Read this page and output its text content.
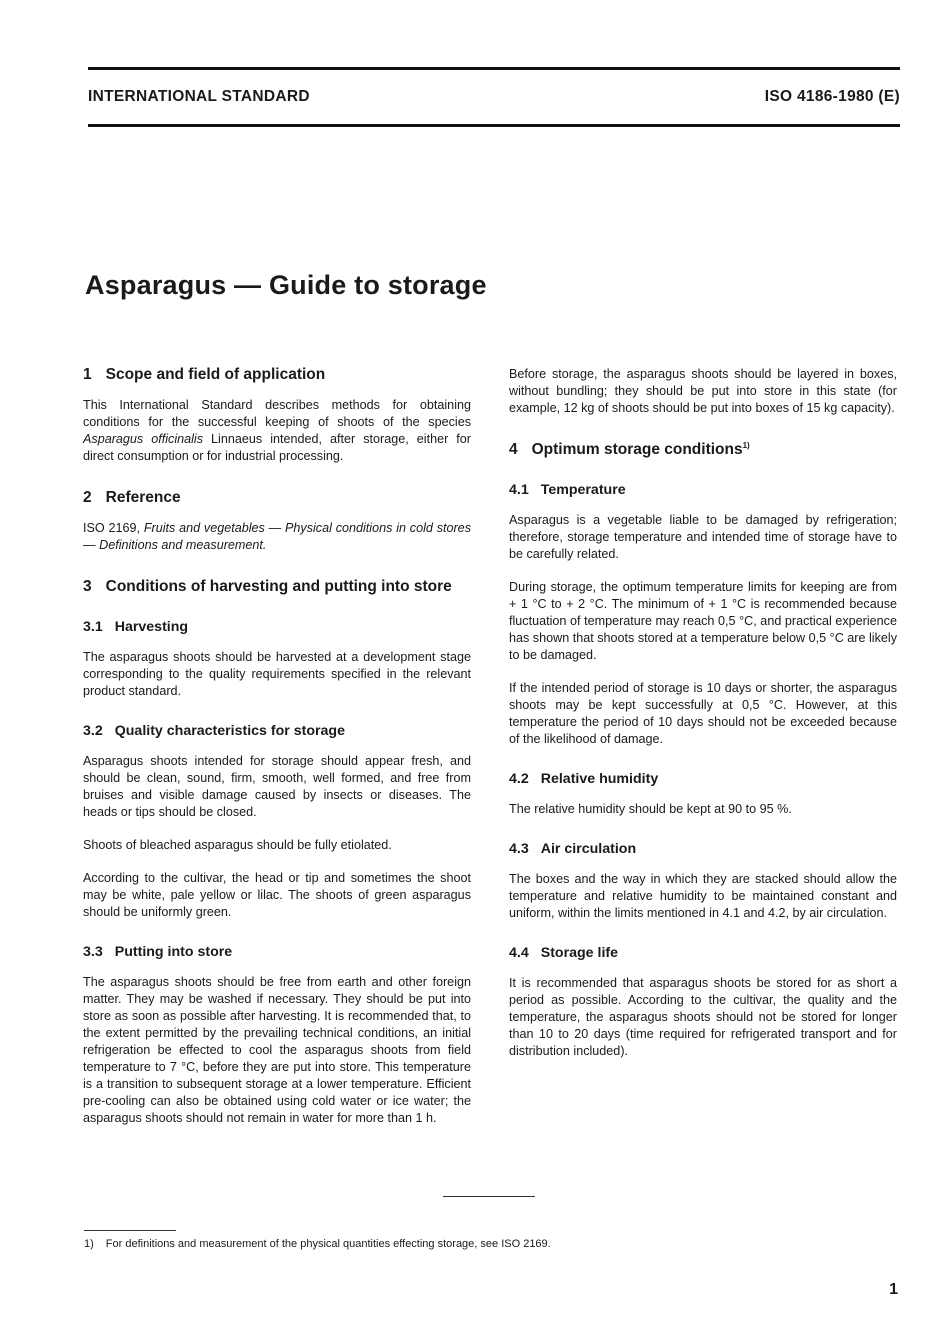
INTERNATIONAL STANDARD	ISO 4186-1980 (E)
Asparagus — Guide to storage
1 Scope and field of application

This International Standard describes methods for obtaining conditions for the successful keeping of shoots of the species Asparagus officinalis Linnaeus intended, after storage, either for direct consumption or for industrial processing.

2 Reference

ISO 2169, Fruits and vegetables — Physical conditions in cold stores — Definitions and measurement.

3 Conditions of harvesting and putting into store
3.1 Harvesting

The asparagus shoots should be harvested at a development stage corresponding to the quality requirements specified in the relevant product standard.

3.2 Quality characteristics for storage

Asparagus shoots intended for storage should appear fresh, and should be clean, sound, firm, smooth, well formed, and free from bruises and visible damage caused by insects or diseases. The heads or tips should be closed.

Shoots of bleached asparagus should be fully etiolated.

According to the cultivar, the head or tip and sometimes the shoot may be white, pale yellow or lilac. The shoots of green asparagus should be uniformly green.

3.3 Putting into store

The asparagus shoots should be free from earth and other foreign matter. They may be washed if necessary. They should be put into store as soon as possible after harvesting. It is recommended that, to the extent permitted by the prevailing technical conditions, an initial refrigeration be effected to cool the asparagus shoots from field temperature to 7 °C, before they are put into store. This temperature is a transition to subsequent storage at a lower temperature. Efficient pre-cooling can also be obtained using cold water or ice water; the asparagus shoots should not remain in water for more than 1 h.

Before storage, the asparagus shoots should be layered in boxes, without bundling; they should be put into store in this state (for example, 12 kg of shoots should be put into boxes of 15 kg capacity).

4 Optimum storage conditions$^{1)}$
4.1 Temperature

Asparagus is a vegetable liable to be damaged by refrigeration; therefore, storage temperature and intended time of storage have to be carefully related.

During storage, the optimum temperature limits for keeping are from + 1 °C to + 2 °C. The minimum of + 1 °C is recommended because fluctuation of temperature may reach 0,5 °C, and practical experience has shown that shoots stored at a temperature below 0,5 °C are likely to be damaged.

If the intended period of storage is 10 days or shorter, the asparagus shoots may be kept successfully at 0,5 °C. However, at this temperature the period of 10 days should not be exceeded because of the likelihood of damage.

4.2 Relative humidity

The relative humidity should be kept at 90 to 95 %.

4.3 Air circulation

The boxes and the way in which they are stacked should allow the temperature and relative humidity to be maintained constant and uniform, within the limits mentioned in 4.1 and 4.2, by air circulation.

4.4 Storage life

It is recommended that asparagus shoots be stored for as short a period as possible. According to the cultivar, the quality and the temperature, the asparagus shoots should not be stored for longer than 10 to 20 days (time required for refrigerated transport and for distribution included).

1) For definitions and measurement of the physical quantities effecting storage, see ISO 2169.
1
